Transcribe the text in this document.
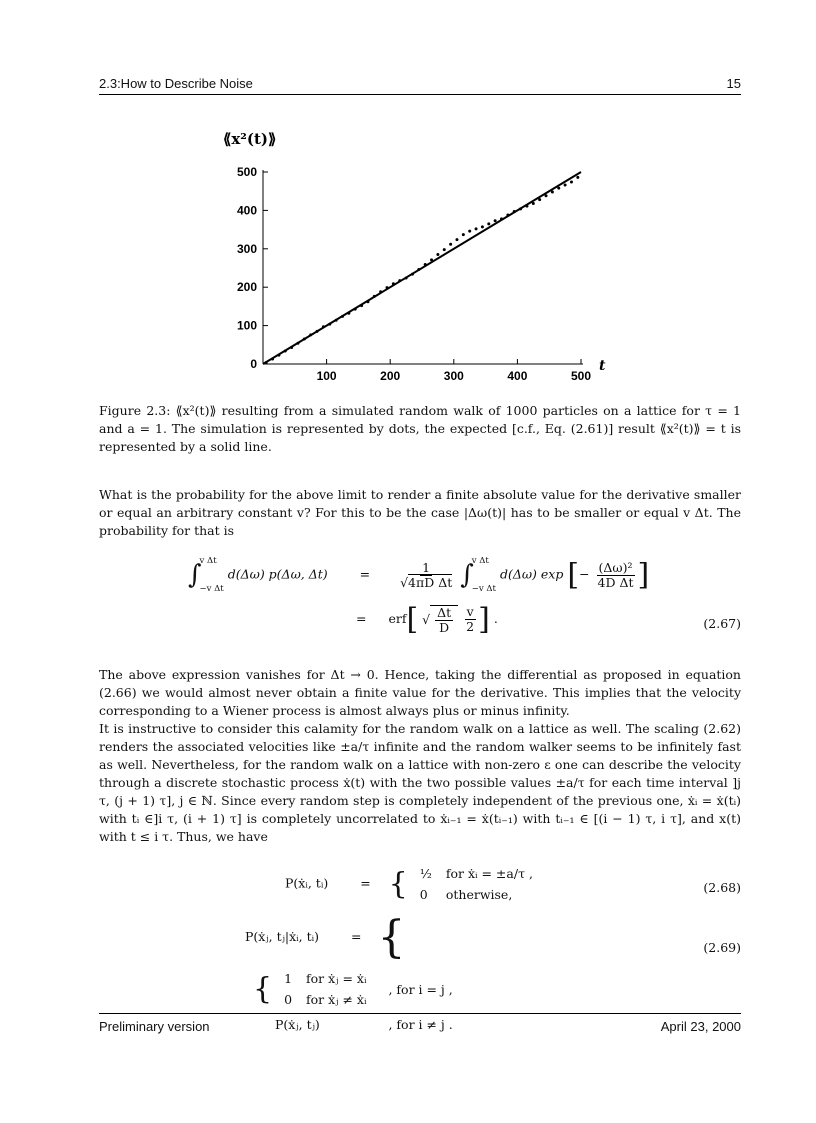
2.3:How to Describe Noise	15
⟪x²(t)⟫
t
0
100
200
300
400
500
100	200	300	400	500
Figure 2.3: ⟪x²(t)⟫ resulting from a simulated random walk of 1000 particles on a lattice for τ = 1 and a = 1. The simulation is represented by dots, the expected [c.f., Eq. (2.61)] result ⟪x²(t)⟫ = t is represented by a solid line.
What is the probability for the above limit to render a finite absolute value for the derivative smaller or equal an arbitrary constant v? For this to be the case |Δω(t)| has to be smaller or equal v Δt. The probability for that is
∫
v Δt
−v Δt
d(Δω) p(Δω, Δt)	= $\frac{1}{\text{√4πD Δt}}$ ∫
v Δt
−v Δt
d(Δω) exp [− $\frac{\text{(Δω)²}}{\text{4D Δt}}$ ]
= erf[ √ $\frac{\Delta t}{D}$
$\frac{v}{2}$ ] .	(2.67)
The above expression vanishes for Δt → 0. Hence, taking the differential as proposed in equation (2.66) we would almost never obtain a finite value for the derivative. This implies that the velocity corresponding to a Wiener process is almost always plus or minus infinity.
It is instructive to consider this calamity for the random walk on a lattice as well. The scaling (2.62) renders the associated velocities like ±a/τ infinite and the random walker seems to be infinitely fast as well. Nevertheless, for the random walk on a lattice with non-zero ε one can describe the velocity through a discrete stochastic process ẋ(t) with the two possible values ±a/τ for each time interval ]j τ, (j + 1) τ], j ∈ ℕ. Since every random step is completely independent of the previous one, ẋᵢ = ẋ(tᵢ) with tᵢ ∈]i τ, (i + 1) τ] is completely uncorrelated to ẋᵢ₋₁ = ẋ(tᵢ₋₁) with tᵢ₋₁ ∈ [(i − 1) τ, i τ], and x(t) with t ≤ i τ. Thus, we have
P(ẋᵢ, tᵢ)	= { ½	for ẋᵢ = ±a/τ ,
0	otherwise,	(2.68)
P(ẋⱼ, tⱼ|ẋᵢ, tᵢ)	= { { 1	for ẋⱼ = ẋᵢ
0	for ẋⱼ ≠ ẋᵢ	, for i = j ,
P(ẋⱼ, tⱼ)	, for i ≠ j .
(2.69)
Preliminary version	April 23, 2000
